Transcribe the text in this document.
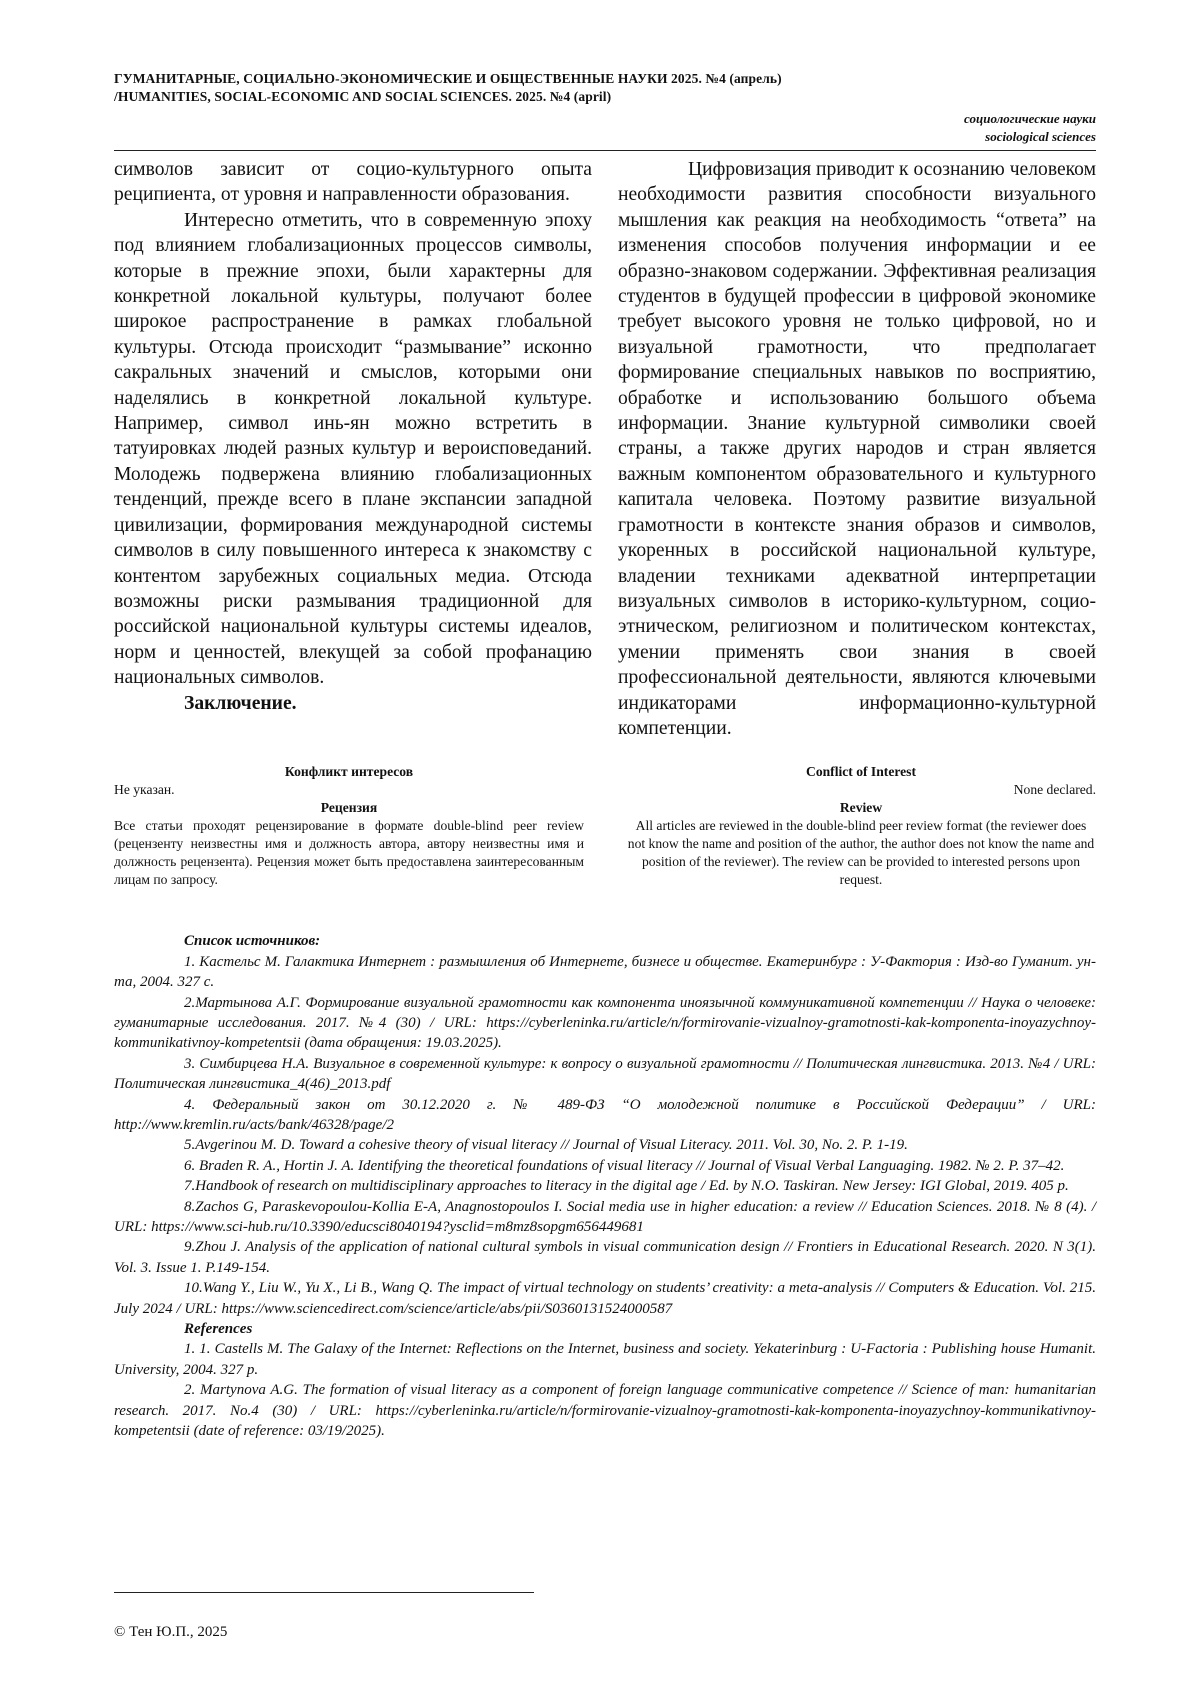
ГУМАНИТАРНЫЕ, СОЦИАЛЬНО-ЭКОНОМИЧЕСКИЕ И ОБЩЕСТВЕННЫЕ НАУКИ 2025. №4 (апрель)
/HUMANITIES, SOCIAL-ECONOMIC AND SOCIAL SCIENCES. 2025. №4 (april)
социологические науки
sociological sciences

символов зависит от социо-культурного опыта реципиента, от уровня и направленности образования.

Интересно отметить, что в современную эпоху под влиянием глобализационных процессов символы, которые в прежние эпохи, были характерны для конкретной локальной культуры, получают более широкое распространение в рамках глобальной культуры. Отсюда происходит “размывание” исконно сакральных значений и смыслов, которыми они наделялись в конкретной локальной культуре. Например, символ инь-ян можно встретить в татуировках людей разных культур и вероисповеданий. Молодежь подвержена влиянию глобализационных тенденций, прежде всего в плане экспансии западной цивилизации, формирования международной системы символов в силу повышенного интереса к знакомству с контентом зарубежных социальных медиа. Отсюда возможны риски размывания традиционной для российской национальной культуры системы идеалов, норм и ценностей, влекущей за собой профанацию национальных символов.

Заключение.

Цифровизация приводит к осознанию человеком необходимости развития способности визуального мышления как реакция на необходимость “ответа” на изменения способов получения информации и ее образно-знаковом содержании. Эффективная реализация студентов в будущей профессии в цифровой экономике требует высокого уровня не только цифровой, но и визуальной грамотности, что предполагает формирование специальных навыков по восприятию, обработке и использованию большого объема информации. Знание культурной символики своей страны, а также других народов и стран является важным компонентом образовательного и культурного капитала человека. Поэтому развитие визуальной грамотности в контексте знания образов и символов, укоренных в российской национальной культуре, владении техниками адекватной интерпретации визуальных символов в историко-культурном, социо-этническом, религиозном и политическом контекстах, умении применять свои знания в своей профессиональной деятельности, являются ключевыми индикаторами информационно-культурной компетенции.

Конфликт интересов
Не указан.
Рецензия
Все статьи проходят рецензирование в формате double-blind peer review (рецензенту неизвестны имя и должность автора, автору неизвестны имя и должность рецензента). Рецензия может быть предоставлена заинтересованным лицам по запросу.
Conflict of Interest
None declared.
Review
All articles are reviewed in the double-blind peer review format (the reviewer does not know the name and position of the author, the author does not know the name and position of the reviewer). The review can be provided to interested persons upon request.

Список источников:

1. Кастельс М. Галактика Интернет : размышления об Интернете, бизнесе и обществе. Екатеринбург : У-Фактория : Изд-во Гуманит. ун-та, 2004. 327 с.

2.Мартынова А.Г. Формирование визуальной грамотности как компонента иноязычной коммуникативной компетенции // Наука о человеке: гуманитарные исследования. 2017. №4 (30) / URL: https://cyberleninka.ru/article/n/formirovanie-vizualnoy-gramotnosti-kak-komponenta-inoyazychnoy-kommunikativnoy-kompetentsii (дата обращения: 19.03.2025).

3. Симбирцева Н.А. Визуальное в современной культуре: к вопросу о визуальной грамотности // Политическая лингвистика. 2013. №4 / URL: Политическая лингвистика_4(46)_2013.pdf

4. Федеральный закон от 30.12.2020 г. № 489-ФЗ “О молодежной политике в Российской Федерации” / URL: http://www.kremlin.ru/acts/bank/46328/page/2

5.Avgerinou M. D. Toward a cohesive theory of visual literacy // Journal of Visual Literacy. 2011. Vol. 30, No. 2. P. 1-19.

6. Braden R. A., Hortin J. A. Identifying the theoretical foundations of visual literacy // Journal of Visual Verbal Languaging. 1982. № 2. P. 37–42.

7.Handbook of research on multidisciplinary approaches to literacy in the digital age / Ed. by N.O. Taskiran. New Jersey: IGI Global, 2019. 405 p.

8.Zachos G, Paraskevopoulou-Kollia E-A, Anagnostopoulos I. Social media use in higher education: a review // Education Sciences. 2018. № 8 (4). / URL: https://www.sci-hub.ru/10.3390/educsci8040194?ysclid=m8mz8sopgm656449681

9.Zhou J. Analysis of the application of national cultural symbols in visual communication design // Frontiers in Educational Research. 2020. N 3(1). Vol. 3. Issue 1. P.149-154.

10.Wang Y., Liu W., Yu X., Li B., Wang Q. The impact of virtual technology on students’ creativity: a meta-analysis // Computers & Education. Vol. 215. July 2024 / URL: https://www.sciencedirect.com/science/article/abs/pii/S0360131524000587

References

1. 1. Castells M. The Galaxy of the Internet: Reflections on the Internet, business and society. Yekaterinburg : U-Factoria : Publishing house Humanit. University, 2004. 327 p.

2. Martynova A.G. The formation of visual literacy as a component of foreign language communicative competence // Science of man: humanitarian research. 2017. No.4 (30) / URL: https://cyberleninka.ru/article/n/formirovanie-vizualnoy-gramotnosti-kak-komponenta-inoyazychnoy-kommunikativnoy-kompetentsii (date of reference: 03/19/2025).

© Тен Ю.П., 2025
